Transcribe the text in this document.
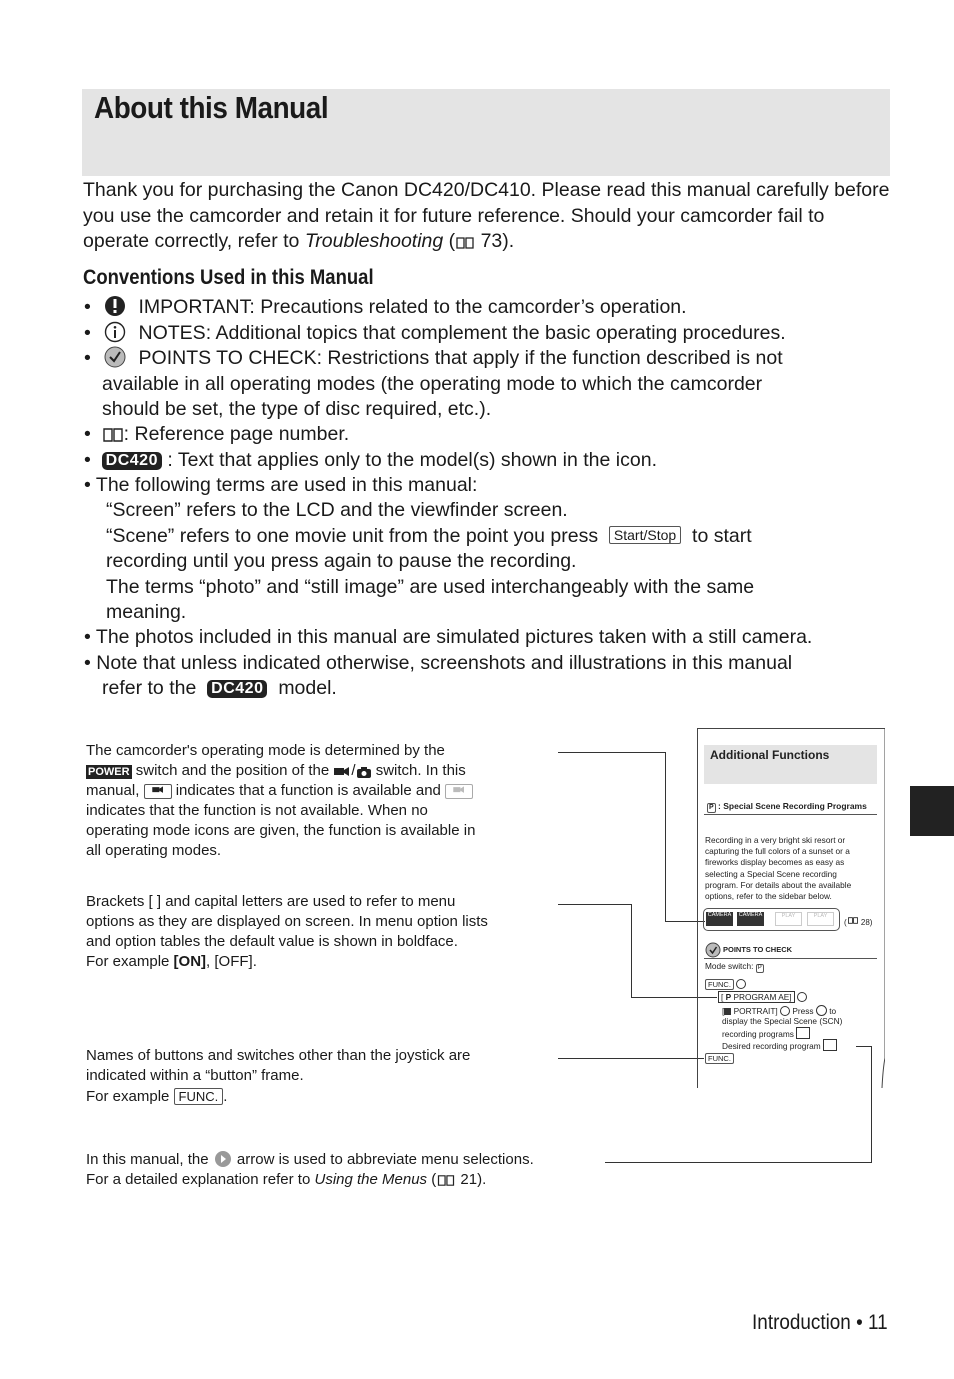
About this Manual
Thank you for purchasing the Canon DC420/DC410. Please read this manual carefully before you use the camcorder and retain it for future reference. Should your camcorder fail to operate correctly, refer to Troubleshooting ( 73).
Conventions Used in this Manual
•    IMPORTANT: Precautions related to the camcorder’s operation.
•    NOTES: Additional topics that complement the basic operating procedures.
•    POINTS TO CHECK: Restrictions that apply if the function described is not
available in all operating modes (the operating mode to which the camcorder
should be set, the type of disc required, etc.).
•  : Reference page number.
•  DC420 : Text that applies only to the model(s) shown in the icon.
• The following terms are used in this manual:
“Screen” refers to the LCD and the viewfinder screen.
“Scene” refers to one movie unit from the point you press Start/Stop to start
recording until you press again to pause the recording.
The terms “photo” and “still image” are used interchangeably with the same
meaning.
• The photos included in this manual are simulated pictures taken with a still camera.
• Note that unless indicated otherwise, screenshots and illustrations in this manual
refer to the DC420 model.
The camcorder's operating mode is determined by the
POWER switch and the position of the / switch. In this
manual, indicates that a function is available and
indicates that the function is not available. When no
operating mode icons are given, the function is available in
all operating modes.
Brackets [ ] and capital letters are used to refer to menu
options as they are displayed on screen. In menu option lists
and option tables the default value is shown in boldface.
For example [ON], [OFF].
Names of buttons and switches other than the joystick are
indicated within a “button” frame.
For example FUNC. .
In this manual, the arrow is used to abbreviate menu selections.
For a detailed explanation refer to Using the Menus ( 21).
Additional Functions
P : Special Scene Recording Programs
Recording in a very bright ski resort or
capturing the full colors of a sunset or a
fireworks display becomes as easy as
selecting a Special Scene recording
program. For details about the available
options, refer to the sidebar below.
CAMERA	CAMERA	PLAY	PLAY
( 28)
POINTS TO CHECK
Mode switch: P
FUNC.
[ P PROGRAM AE]
[ PORTRAIT] Press to
display the Special Scene (SCN)
recording programs
Desired recording program
FUNC.
Introduction • 11
